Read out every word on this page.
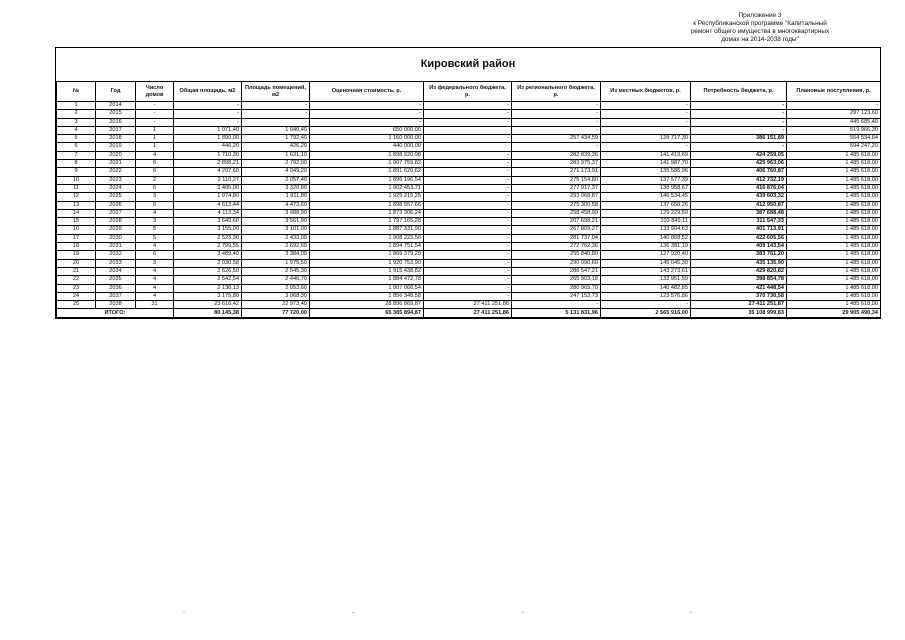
Приложение 3
к Республиканской программе "Капитальный
ремонт общего имущества в многоквартирных
домах на 2014-2038 годы"
Кировский район
№	Год	Число домов	Общая площадь, м2	Площадь помещений, м2	Оценочная стоимость, р.	Из федерального бюджета, р.	Из регионального бюджета, р.	Из местных бюджетов, р.	Потребность бюджета, р.	Плановые поступления, р.
1	2014	-	-	-	-	-	-	-	-	-
2	2015	-	-	-	-	-	-	-	-	297 123,60
3	2016	-	-	-	-	-	-	-	-	445 685,40
4	2017	1	1 071,40	1 040,40	650 000,00		-		-	519 966,30
5	2018	1	1 890,00	1 792,40	1 160 000,00	-	257 434,59	128 717,30	386 151,89	554 534,64
6	2019	1	446,20	426,20	440 000,00		-	-	-	594 247,20
7	2020	4	1 710,30	1 631,10	1 898 920,98	-	282 839,36	141 419,69	424 259,05	1 485 618,00
8	2021	6	2 898,21	2 792,00	1 907 759,82	-	283 975,37	141 987,70	425 963,06	1 485 618,00
9	2022	6	4 207,60	4 049,20	1 891 620,62	-	271 173,91	135 586,96	406 760,87	1 485 618,00
10	2023	2	2 110,27	2 057,40	1 896 196,54	-	275 154,80	137 577,39	412 732,19	1 485 618,00
11	2024	6	3 405,00	3 320,80	1 902 453,71	-	277 917,37	138 958,67	416 876,04	1 485 618,00
12	2025	3	1 974,80	1 911,80	1 925 215,25	-	293 068,87	146 534,45	439 603,32	1 485 618,00
13	2026	6	4 613,44	4 473,60	1 898 557,66	-	275 300,58	137 650,26	412 950,87	1 485 618,00
14	2027	4	4 113,34	3 988,90	1 873 306,24	-	258 458,99	129 229,50	387 688,48	1 485 618,00
15	2028	3	3 649,60	3 561,90	1 797 165,28	-	207 698,21	103 849,11	311 547,33	1 485 618,00
16	2029	5	3 155,00	3 101,00	1 887 331,90	-	267 809,27	133 904,63	401 713,91	1 485 618,00
17	2030	5	2 523,30	2 433,00	1 908 223,56	-	281 737,04	140 868,52	422 605,56	1 485 618,00
18	2031	4	2 799,55	2 692,60	1 894 751,54	-	272 762,36	136 381,19	409 143,54	1 485 618,00
19	2032	6	3 489,40	3 384,00	1 869 379,20	-	255 840,80	127 920,40	383 761,20	1 485 618,00
20	2033	3	2 030,58	1 975,50	1 920 753,90	-	290 090,60	145 045,30	435 135,90	1 485 618,00
21	2034	4	2 626,50	2 545,30	1 915 438,82	-	286 547,21	143 273,61	429 820,82	1 485 618,00
22	2035	4	2 542,54	2 446,70	1 884 472,78	-	265 903,18	132 951,59	398 854,78	1 485 618,00
23	2036	4	2 136,13	2 053,60	1 907 066,54	-	280 965,70	140 482,85	421 448,54	1 485 618,00
24	2037	4	3 175,80	3 068,30	1 856 348,58	-	247 153,73	123 576,86	370 730,58	1 485 618,00
25	2038	31	23 616,42	22 973,40	28 896 869,87	27 411 251,86	-	-	27 411 251,87	1 485 618,00
ИТОГО:			80 145,38	77 720,00	65 385 894,87	27 411 251,86	5 131 831,96	2 565 916,00	35 108 999,83	29 905 490,34
